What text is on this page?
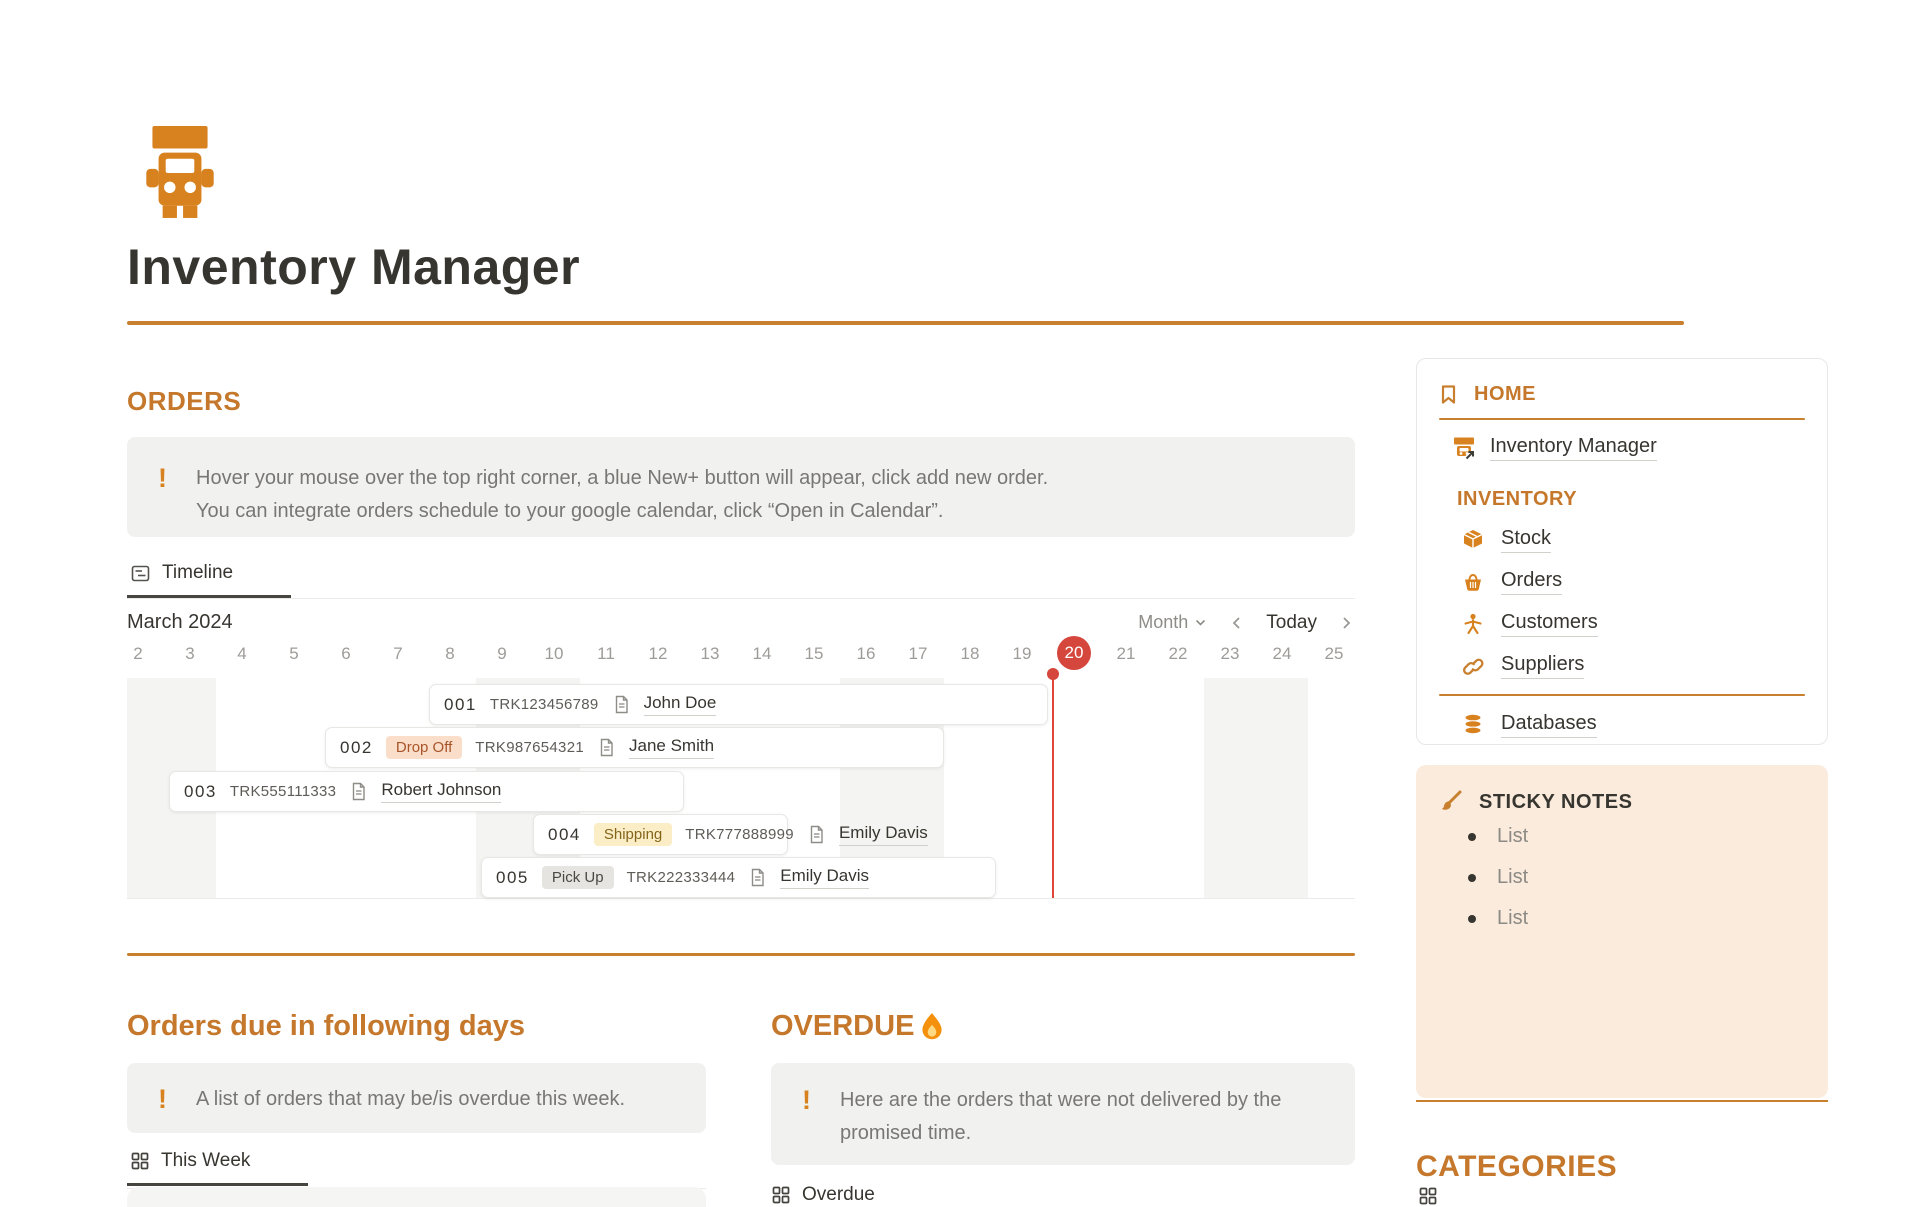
Inventory Manager
ORDERS
! Hover your mouse over the top right corner, a blue New+ button will appear, click add new order.
You can integrate orders schedule to your google calendar, click “Open in Calendar”.
Timeline
March 2024	Month	Today
2	3	4	5	6	7	8	9	10	11	12	13	14	15	16	17	18	19	20	21	22	23	24	25
001 TRK123456789	John Doe
002	Drop Off	TRK987654321	Jane Smith
003 TRK555111333	Robert Johnson
004	Shipping	TRK777888999	Emily Davis
005	Pick Up	TRK222333444	Emily Davis
Orders due in following days
! A list of orders that may be/is overdue this week.
This Week
OVERDUE
! Here are the orders that were not delivered by the promised time.
Overdue
HOME
Inventory Manager
INVENTORY
Stock
Orders
Customers
Suppliers
Databases
STICKY NOTES
List
List
List
CATEGORIES
